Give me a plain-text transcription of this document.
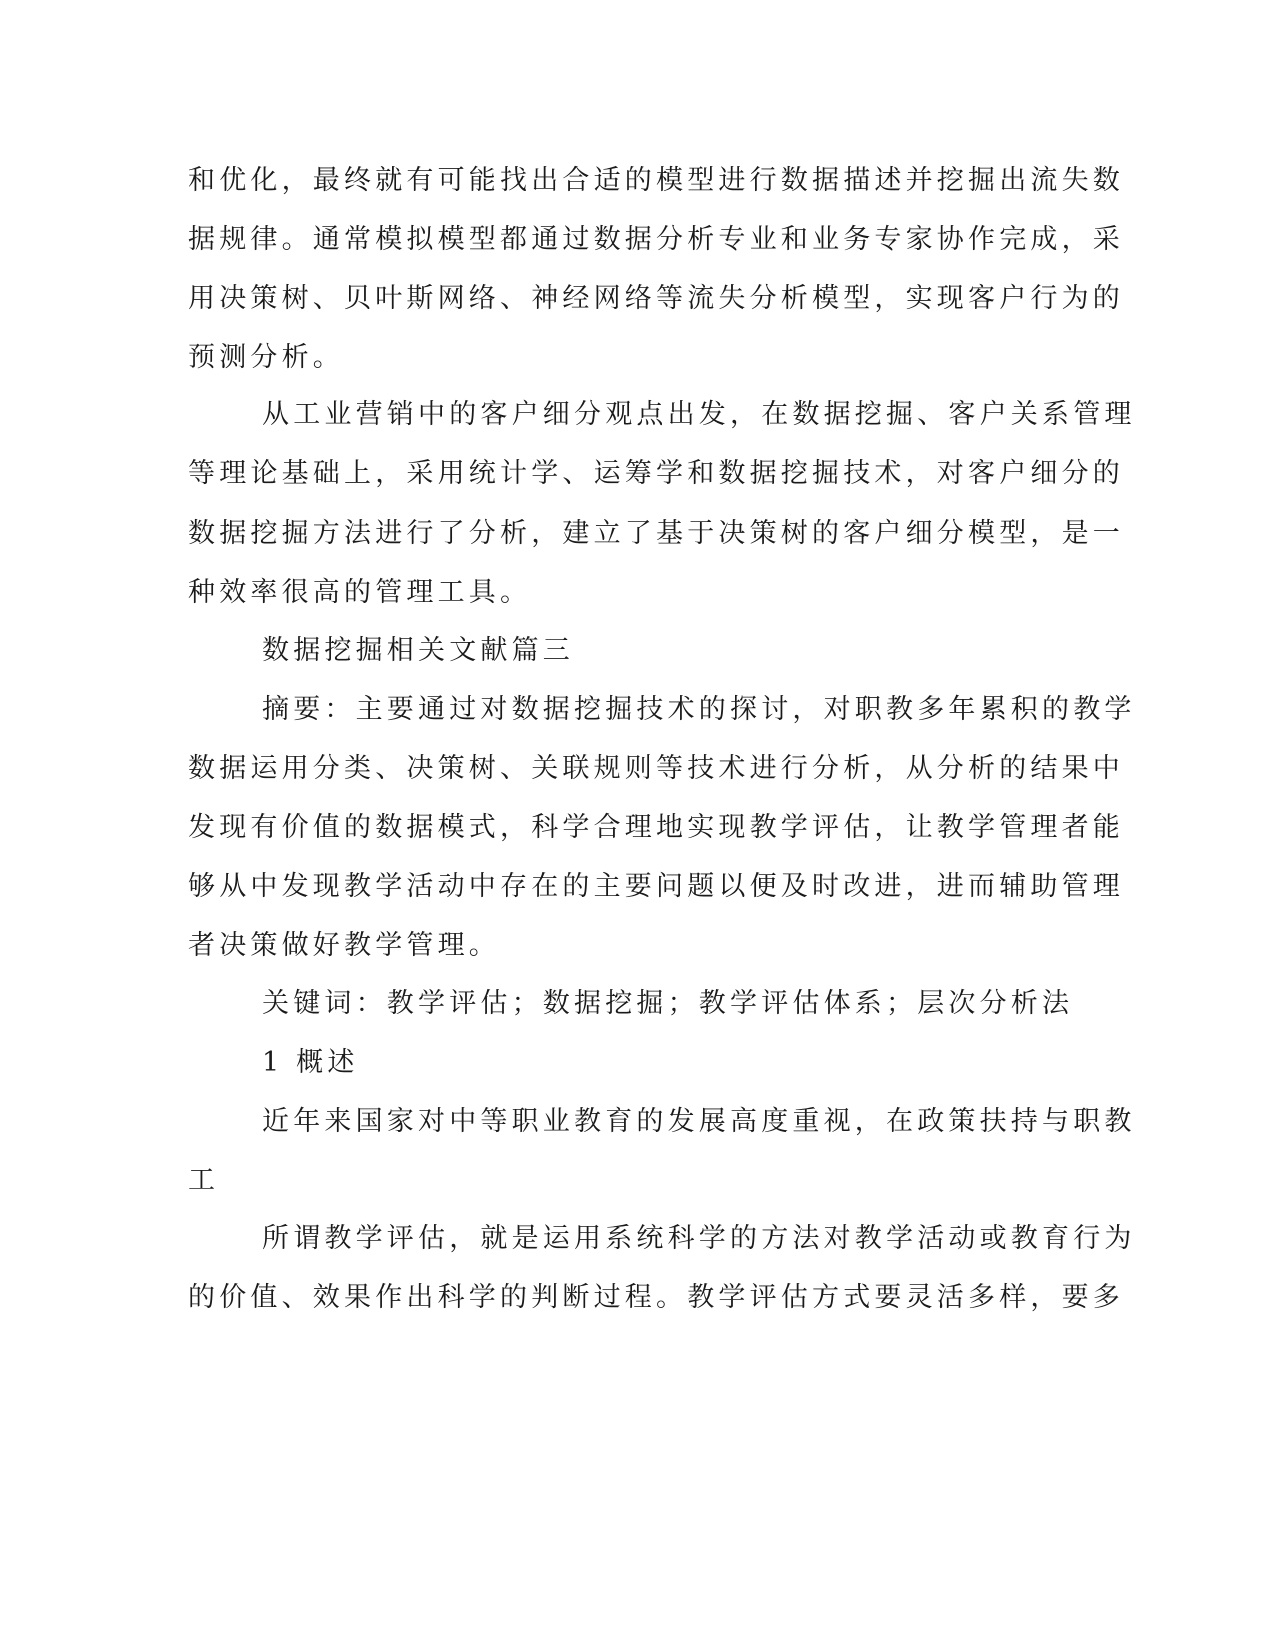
和优化，最终就有可能找出合适的模型进行数据描述并挖掘出流失数
据规律。通常模拟模型都通过数据分析专业和业务专家协作完成，采
用决策树、贝叶斯网络、神经网络等流失分析模型，实现客户行为的
预测分析。
从工业营销中的客户细分观点出发，在数据挖掘、客户关系管理
等理论基础上，采用统计学、运筹学和数据挖掘技术，对客户细分的
数据挖掘方法进行了分析，建立了基于决策树的客户细分模型，是一
种效率很高的管理工具。
数据挖掘相关文献篇三
摘要：主要通过对数据挖掘技术的探讨，对职教多年累积的教学
数据运用分类、决策树、关联规则等技术进行分析，从分析的结果中
发现有价值的数据模式，科学合理地实现教学评估，让教学管理者能
够从中发现教学活动中存在的主要问题以便及时改进，进而辅助管理
者决策做好教学管理。
关键词：教学评估；数据挖掘；教学评估体系；层次分析法
1 概述
近年来国家对中等职业教育的发展高度重视，在政策扶持与职教
工
所谓教学评估，就是运用系统科学的方法对教学活动或教育行为
的价值、效果作出科学的判断过程。教学评估方式要灵活多样，要多
